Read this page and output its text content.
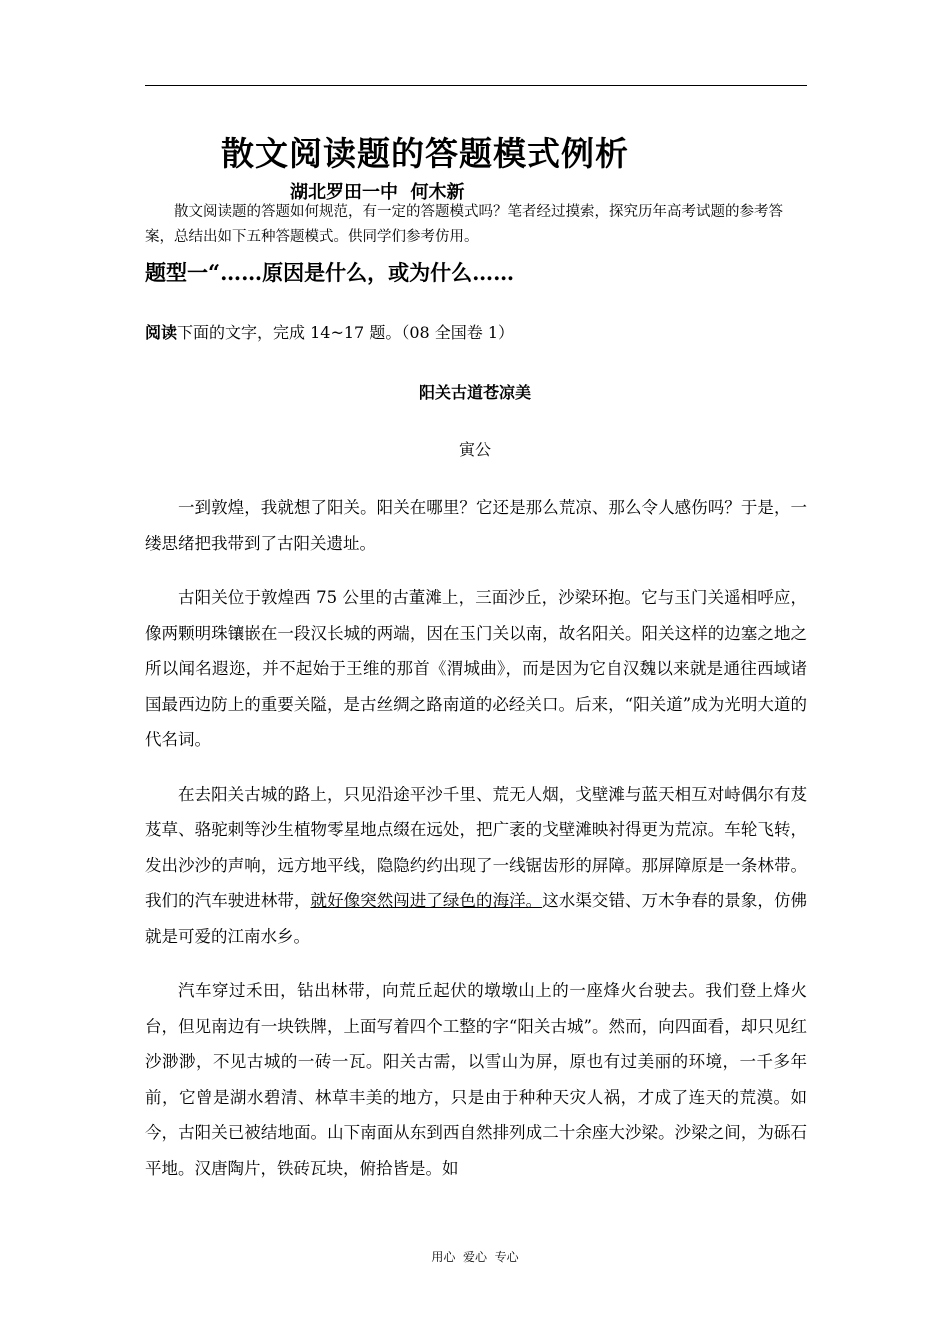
散文阅读题的答题模式例析
湖北罗田一中  何木新
散文阅读题的答题如何规范，有一定的答题模式吗？笔者经过摸索，探究历年高考试题的参考答案，总结出如下五种答题模式。供同学们参考仿用。
题型一“……原因是什么，或为什么……
阅读下面的文字，完成 14~17 题。（08 全国卷 1）
阳关古道苍凉美
寅公

一到敦煌，我就想了阳关。阳关在哪里？它还是那么荒凉、那么令人感伤吗？于是，一缕思绪把我带到了古阳关遗址。

古阳关位于敦煌西 75 公里的古董滩上，三面沙丘，沙梁环抱。它与玉门关遥相呼应，像两颗明珠镶嵌在一段汉长城的两端，因在玉门关以南，故名阳关。阳关这样的边塞之地之所以闻名遐迩，并不起始于王维的那首《渭城曲》，而是因为它自汉魏以来就是通往西域诸国最西边防上的重要关隘，是古丝绸之路南道的必经关口。后来，“阳关道”成为光明大道的代名词。

在去阳关古城的路上，只见沿途平沙千里、荒无人烟，戈壁滩与蓝天相互对峙偶尔有芨芨草、骆驼刺等沙生植物零星地点缀在远处，把广袤的戈壁滩映衬得更为荒凉。车轮飞转，发出沙沙的声响，远方地平线，隐隐约约出现了一线锯齿形的屏障。那屏障原是一条林带。我们的汽车驶进林带，就好像突然闯进了绿色的海洋。这水渠交错、万木争春的景象，仿佛就是可爱的江南水乡。

汽车穿过禾田，钻出林带，向荒丘起伏的墩墩山上的一座烽火台驶去。我们登上烽火台，但见南边有一块铁牌，上面写着四个工整的字“阳关古城”。然而，向四面看，却只见红沙渺渺，不见古城的一砖一瓦。阳关古需，以雪山为屏，原也有过美丽的环境，一千多年前，它曾是湖水碧清、林草丰美的地方，只是由于种种天灾人祸，才成了连天的荒漠。如今，古阳关已被结地面。山下南面从东到西自然排列成二十余座大沙梁。沙梁之间，为砾石平地。汉唐陶片，铁砖瓦块，俯拾皆是。如

用心  爱心  专心
